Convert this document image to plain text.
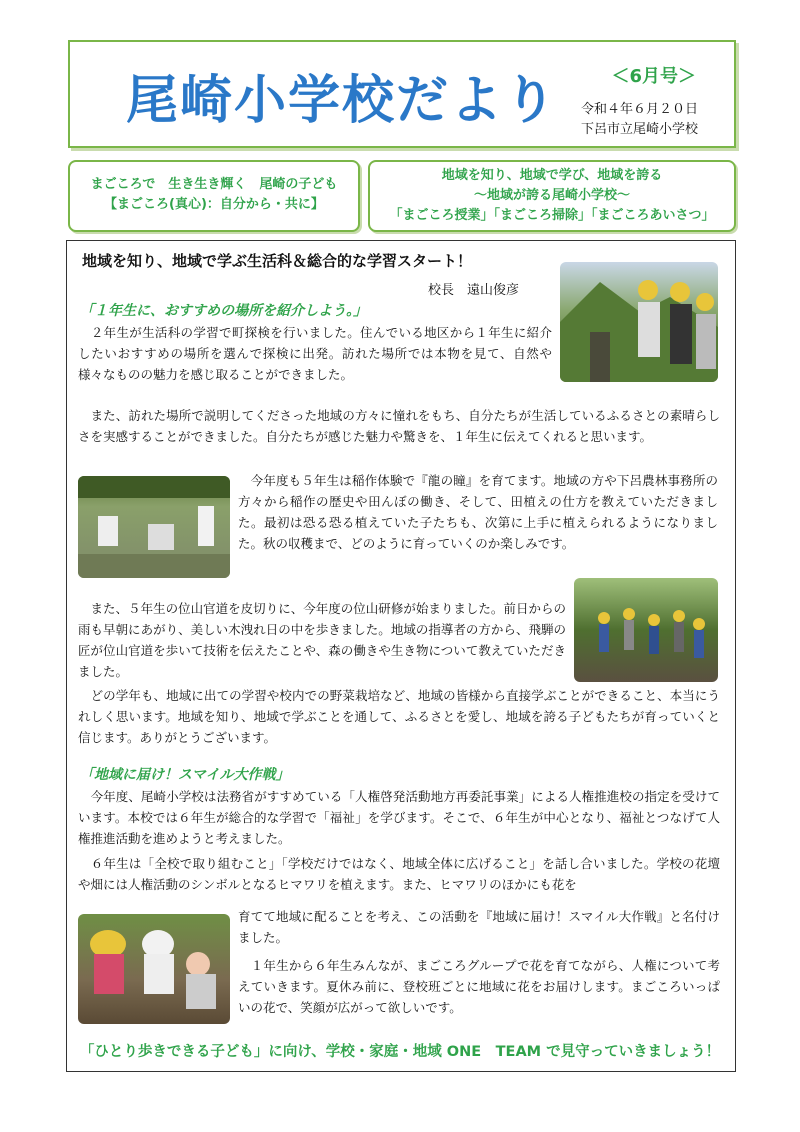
尾崎小学校だより	＜6月号＞
令和４年６月２０日
下呂市立尾崎小学校
まごころで　生き生き輝く　尾崎の子ども
【まごころ(真心)：自分から・共に】
地域を知り、地域で学び、地域を誇る
～地域が誇る尾崎小学校～
「まごころ授業」「まごころ掃除」「まごころあいさつ」
地域を知り、地域で学ぶ生活科＆総合的な学習スタート！
校長　遠山俊彦
「１年生に、おすすめの場所を紹介しよう。」
　２年生が生活科の学習で町探検を行いました。住んでいる地区から１年生に紹介したいおすすめの場所を選んで探検に出発。訪れた場所では本物を見て、自然や様々なものの魅力を感じ取ることができました。
　また、訪れた場所で説明してくださった地域の方々に憧れをもち、自分たちが生活しているふるさとの素晴らしさを実感することができました。自分たちが感じた魅力や驚きを、１年生に伝えてくれると思います。
　今年度も５年生は稲作体験で『龍の瞳』を育てます。地域の方や下呂農林事務所の方々から稲作の歴史や田んぼの働き、そして、田植えの仕方を教えていただきました。最初は恐る恐る植えていた子たちも、次第に上手に植えられるようになりました。秋の収穫まで、どのように育っていくのか楽しみです。
　また、５年生の位山官道を皮切りに、今年度の位山研修が始まりました。前日からの雨も早朝にあがり、美しい木洩れ日の中を歩きました。地域の指導者の方から、飛騨の匠が位山官道を歩いて技術を伝えたことや、森の働きや生き物について教えていただきました。
　どの学年も、地域に出ての学習や校内での野菜栽培など、地域の皆様から直接学ぶことができること、本当にうれしく思います。地域を知り、地域で学ぶことを通して、ふるさとを愛し、地域を誇る子どもたちが育っていくと信じます。ありがとうございます。
「地域に届け！スマイル大作戦」
　今年度、尾崎小学校は法務省がすすめている「人権啓発活動地方再委託事業」による人権推進校の指定を受けています。本校では６年生が総合的な学習で「福祉」を学びます。そこで、６年生が中心となり、福祉とつなげて人権推進活動を進めようと考えました。
　６年生は「全校で取り組むこと」「学校だけではなく、地域全体に広げること」を話し合いました。学校の花壇や畑には人権活動のシンボルとなるヒマワリを植えます。また、ヒマワリのほかにも花を
育てて地域に配ることを考え、この活動を『地域に届け！スマイル大作戦』と名付けました。
　１年生から６年生みんなが、まごころグループで花を育てながら、人権について考えていきます。夏休み前に、登校班ごとに地域に花をお届けします。まごころいっぱいの花で、笑顔が広がって欲しいです。
「ひとり歩きできる子ども」に向け、学校・家庭・地域 ONE　TEAM で見守っていきましょう！
